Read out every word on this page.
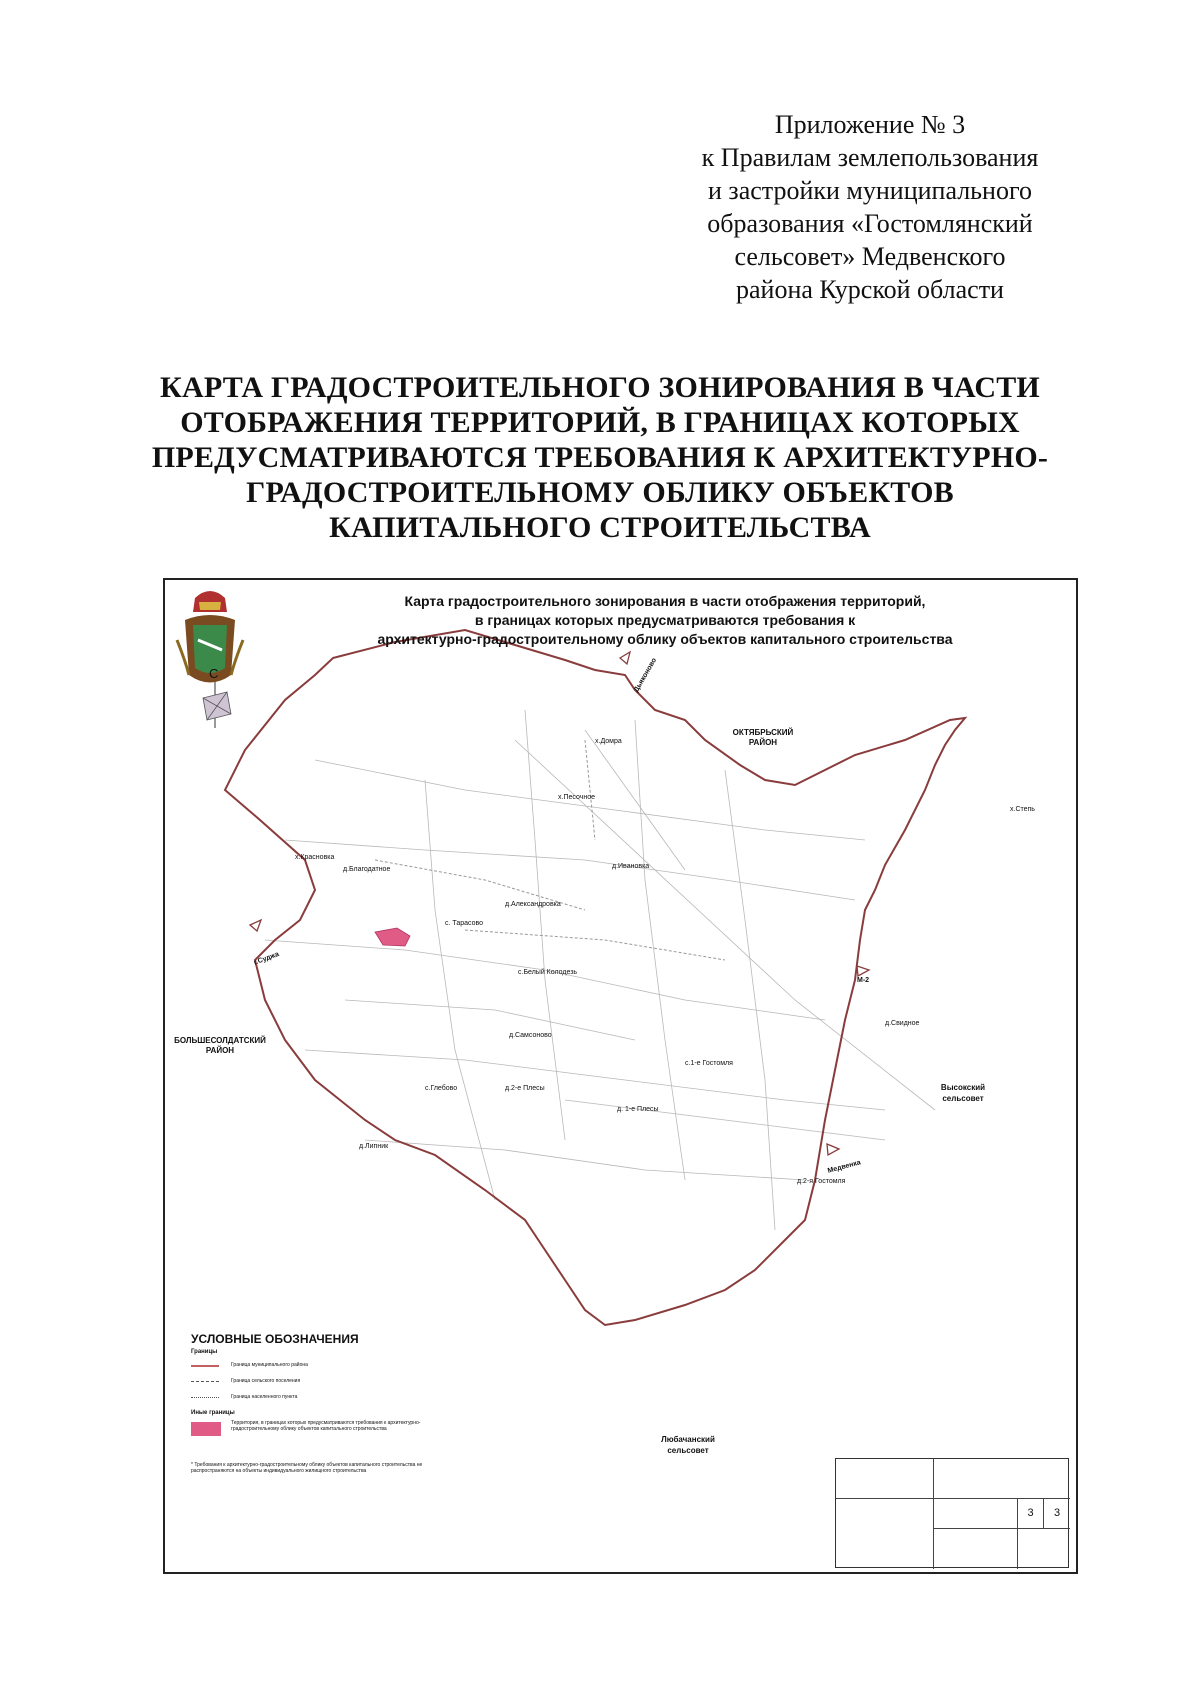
Приложение № 3
к Правилам землепользования
и застройки муниципального
образования «Гостомлянский
сельсовет» Медвенского
района Курской области
КАРТА ГРАДОСТРОИТЕЛЬНОГО ЗОНИРОВАНИЯ В ЧАСТИ
ОТОБРАЖЕНИЯ ТЕРРИТОРИЙ, В ГРАНИЦАХ КОТОРЫХ
ПРЕДУСМАТРИВАЮТСЯ ТРЕБОВАНИЯ К АРХИТЕКТУРНО-
ГРАДОСТРОИТЕЛЬНОМУ ОБЛИКУ ОБЪЕКТОВ
КАПИТАЛЬНОГО СТРОИТЕЛЬСТВА
Карта градостроительного зонирования в части отображения территорий,
в границах которых предусматриваются требования к
архитектурно-градостроительному облику объектов капитального строительства
С
х.Домра
х.Песочное
х.Красновка
д.Благодатное	д.Ивановка
д.Александровка
с. Тарасово
с.Белый Колодезь
д.Самсоново
с.Глебово	д.2-е Плесы
д. 1-е Плесы
д.Липник
с.1-е Гостомля
д.Свидное
д.2-я Гостомля
х.Степь
ОКТЯБРЬСКИЙ
РАЙОН
БОЛЬШЕСОЛДАТСКИЙ
РАЙОН
Высокский
сельсовет
Любачанский
сельсовет
Дьяконово
г.Суджа
М-2
Медвенка
УСЛОВНЫЕ ОБОЗНАЧЕНИЯ
Границы
Граница муниципального района
Граница сельского поселения
Граница населенного пункта
Иные границы
Территория, в границах которых предусматриваются требования к архитектурно-градостроительному облику объектов капитального строительства
* Требования к архитектурно-градостроительному облику объектов капитального строительства не распространяются на объекты индивидуального жилищного строительства
3	3
